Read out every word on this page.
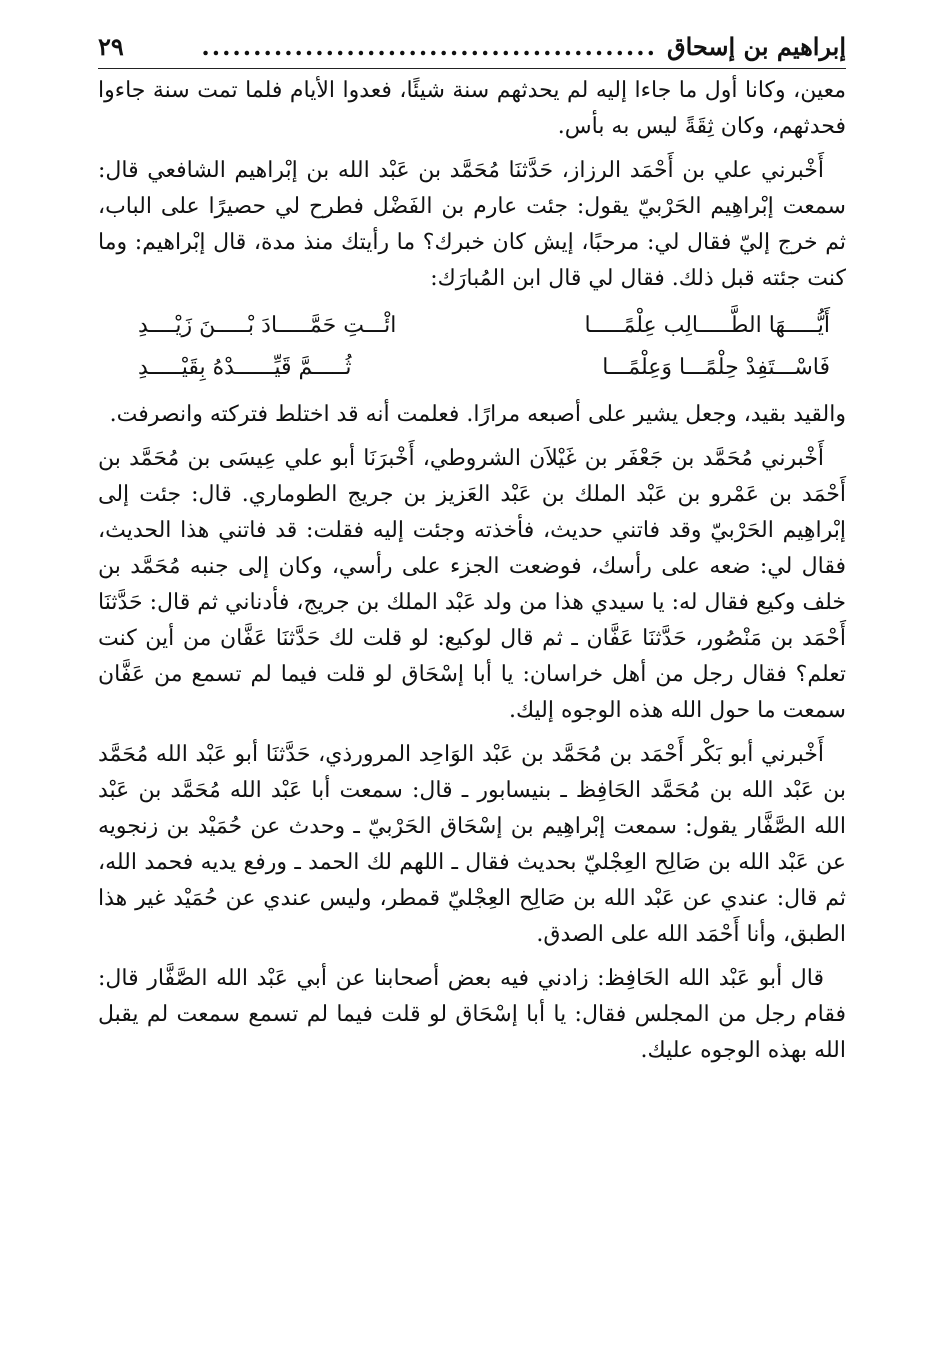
إبراهيم بن إسحاق
............................................
٢٩

معين، وكانا أول ما جاءا إليه لم يحدثهم سنة شيئًا، فعدوا الأيام فلما تمت سنة جاءوا فحدثهم، وكان ثِقَةً ليس به بأس.

أَخْبرني علي بن أَحْمَد الرزاز، حَدَّثنَا مُحَمَّد بن عَبْد الله بن إبْراهيم الشافعي قال: سمعت إبْراهِيم الحَرْبيّ يقول: جئت عارم بن الفَضْل فطرح لي حصيرًا على الباب، ثم خرج إليّ فقال لي: مرحبًا، إيش كان خبرك؟ ما رأيتك منذ مدة، قال إبْراهيم: وما كنت جئته قبل ذلك. فقال لي قال ابن المُبارَك:

أَيُّـــــهَا الطَّـــــالِب عِلْمًـــــا
ائْـــتِ حَمَّـــــادَ بْـــــنَ زَيْــــدِ
فَاسْـــتَفِدْ حِلْمًـــا وَعِلْمًـــا
ثُـــــمَّ قَيِّــــــدْهُ بِقَيْـــــدِ

والقيد بقيد، وجعل يشير على أصبعه مرارًا. فعلمت أنه قد اختلط فتركته وانصرفت.

أَخْبرني مُحَمَّد بن جَعْفَر بن غَيْلاَن الشروطي، أَخْبرَنَا أبو علي عِيسَى بن مُحَمَّد بن أَحْمَد بن عَمْرو بن عَبْد الملك بن عَبْد العَزيز بن جريج الطوماري. قال: جئت إلى إبْراهِيم الحَرْبيّ وقد فاتني حديث، فأخذته وجئت إليه فقلت: قد فاتني هذا الحديث، فقال لي: ضعه على رأسك، فوضعت الجزء على رأسي، وكان إلى جنبه مُحَمَّد بن خلف وكيع فقال له: يا سيدي هذا من ولد عَبْد الملك بن جريج، فأدناني ثم قال: حَدَّثنَا أَحْمَد بن مَنْصُور، حَدَّثنَا عَفَّان ـ ثم قال لوكيع: لو قلت لك حَدَّثنَا عَفَّان من أين كنت تعلم؟ فقال رجل من أهل خراسان: يا أبا إسْحَاق لو قلت فيما لم تسمع من عَفَّان سمعت ما حول الله هذه الوجوه إليك.

أَخْبرني أبو بَكْر أَحْمَد بن مُحَمَّد بن عَبْد الوَاحِد المرورذي، حَدَّثنَا أبو عَبْد الله مُحَمَّد بن عَبْد الله بن مُحَمَّد الحَافِظ ـ بنيسابور ـ قال: سمعت أبا عَبْد الله مُحَمَّد بن عَبْد الله الصَّفَّار يقول: سمعت إبْراهِيم بن إسْحَاق الحَرْبيّ ـ وحدث عن حُمَيْد بن زنجويه عن عَبْد الله بن صَالِح العِجْليّ بحديث فقال ـ اللهم لك الحمد ـ ورفع يديه فحمد الله، ثم قال: عندي عن عَبْد الله بن صَالِح العِجْليّ قمطر، وليس عندي عن حُمَيْد غير هذا الطبق، وأنا أَحْمَد الله على الصدق.

قال أبو عَبْد الله الحَافِظ: زادني فيه بعض أصحابنا عن أبي عَبْد الله الصَّفَّار قال: فقام رجل من المجلس فقال: يا أبا إسْحَاق لو قلت فيما لم تسمع سمعت لم يقبل الله بهذه الوجوه عليك.
